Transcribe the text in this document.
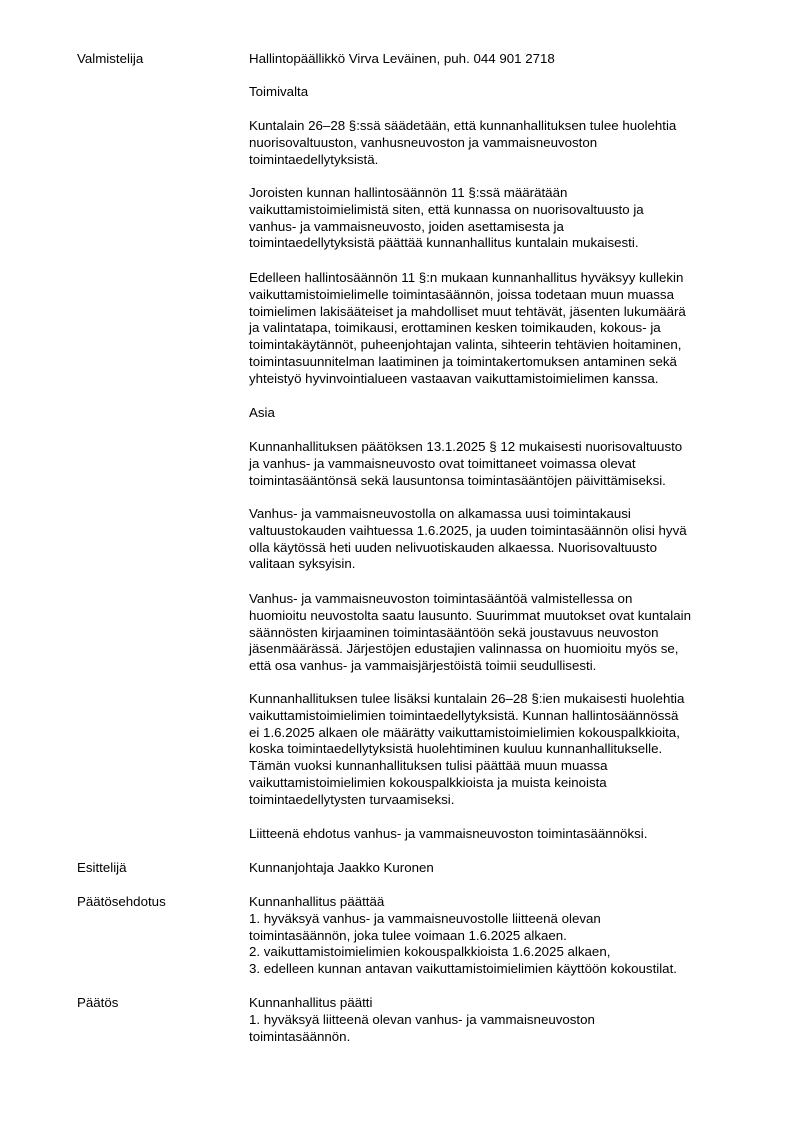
Valmistelija	Hallintopäällikkö Virva Leväinen, puh. 044 901 2718
Toimivalta
Kuntalain 26–28 §:ssä säädetään, että kunnanhallituksen tulee huolehtia
nuorisovaltuuston, vanhusneuvoston ja vammaisneuvoston
toimintaedellytyksistä.
Joroisten kunnan hallintosäännön 11 §:ssä määrätään
vaikuttamistoimielimistä siten, että kunnassa on nuorisovaltuusto ja
vanhus- ja vammaisneuvosto, joiden asettamisesta ja
toimintaedellytyksistä päättää kunnanhallitus kuntalain mukaisesti.
Edelleen hallintosäännön 11 §:n mukaan kunnanhallitus hyväksyy kullekin
vaikuttamistoimielimelle toimintasäännön, joissa todetaan muun muassa
toimielimen lakisääteiset ja mahdolliset muut tehtävät, jäsenten lukumäärä
ja valintatapa, toimikausi, erottaminen kesken toimikauden, kokous- ja
toimintakäytännöt, puheenjohtajan valinta, sihteerin tehtävien hoitaminen,
toimintasuunnitelman laatiminen ja toimintakertomuksen antaminen sekä
yhteistyö hyvinvointialueen vastaavan vaikuttamistoimielimen kanssa.
Asia
Kunnanhallituksen päätöksen 13.1.2025 § 12 mukaisesti nuorisovaltuusto
ja vanhus- ja vammaisneuvosto ovat toimittaneet voimassa olevat
toimintasääntönsä sekä lausuntonsa toimintasääntöjen päivittämiseksi.
Vanhus- ja vammaisneuvostolla on alkamassa uusi toimintakausi
valtuustokauden vaihtuessa 1.6.2025, ja uuden toimintasäännön olisi hyvä
olla käytössä heti uuden nelivuotiskauden alkaessa. Nuorisovaltuusto
valitaan syksyisin.
Vanhus- ja vammaisneuvoston toimintasääntöä valmistellessa on
huomioitu neuvostolta saatu lausunto. Suurimmat muutokset ovat kuntalain
säännösten kirjaaminen toimintasääntöön sekä joustavuus neuvoston
jäsenmäärässä. Järjestöjen edustajien valinnassa on huomioitu myös se,
että osa vanhus- ja vammaisjärjestöistä toimii seudullisesti.
Kunnanhallituksen tulee lisäksi kuntalain 26–28 §:ien mukaisesti huolehtia
vaikuttamistoimielimien toimintaedellytyksistä. Kunnan hallintosäännössä
ei 1.6.2025 alkaen ole määrätty vaikuttamistoimielimien kokouspalkkioita,
koska toimintaedellytyksistä huolehtiminen kuuluu kunnanhallitukselle.
Tämän vuoksi kunnanhallituksen tulisi päättää muun muassa
vaikuttamistoimielimien kokouspalkkioista ja muista keinoista
toimintaedellytysten turvaamiseksi.
Liitteenä ehdotus vanhus- ja vammaisneuvoston toimintasäännöksi.
Esittelijä	Kunnanjohtaja Jaakko Kuronen
Päätösehdotus	Kunnanhallitus päättää
1. hyväksyä vanhus- ja vammaisneuvostolle liitteenä olevan
toimintasäännön, joka tulee voimaan 1.6.2025 alkaen.
2. vaikuttamistoimielimien kokouspalkkioista 1.6.2025 alkaen,
3. edelleen kunnan antavan vaikuttamistoimielimien käyttöön kokoustilat.
Päätös	Kunnanhallitus päätti
1. hyväksyä liitteenä olevan vanhus- ja vammaisneuvoston
toimintasäännön.
